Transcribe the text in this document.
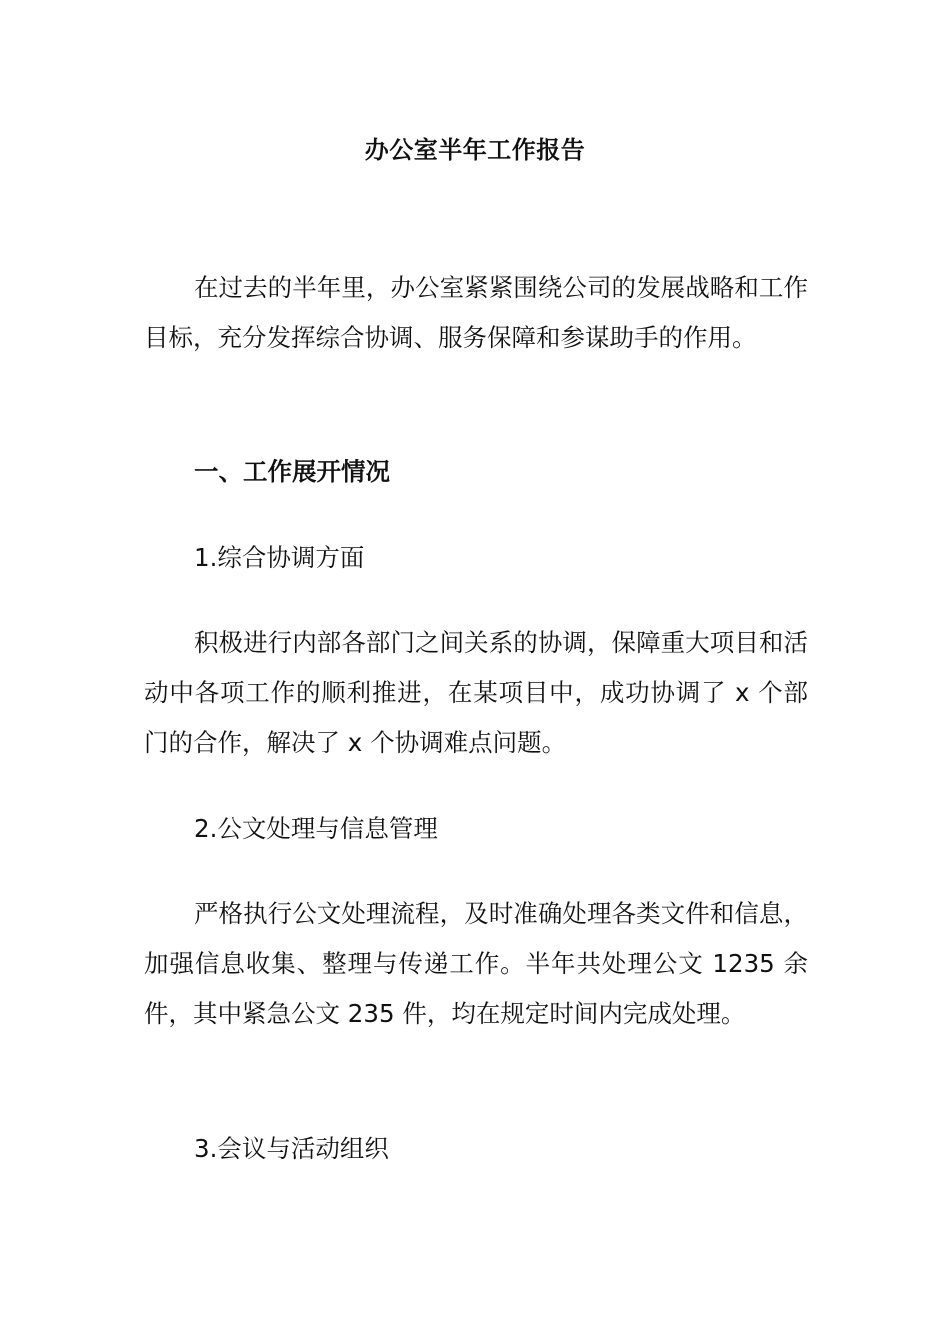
办公室半年工作报告

在过去的半年里，办公室紧紧围绕公司的发展战略和工作目标，充分发挥综合协调、服务保障和参谋助手的作用。

一、工作展开情况

1.综合协调方面

积极进行内部各部门之间关系的协调，保障重大项目和活动中各项工作的顺利推进，在某项目中，成功协调了 x 个部门的合作，解决了 x 个协调难点问题。

2.公文处理与信息管理

严格执行公文处理流程，及时准确处理各类文件和信息，加强信息收集、整理与传递工作。半年共处理公文 1235 余件，其中紧急公文 235 件，均在规定时间内完成处理。

3.会议与活动组织
